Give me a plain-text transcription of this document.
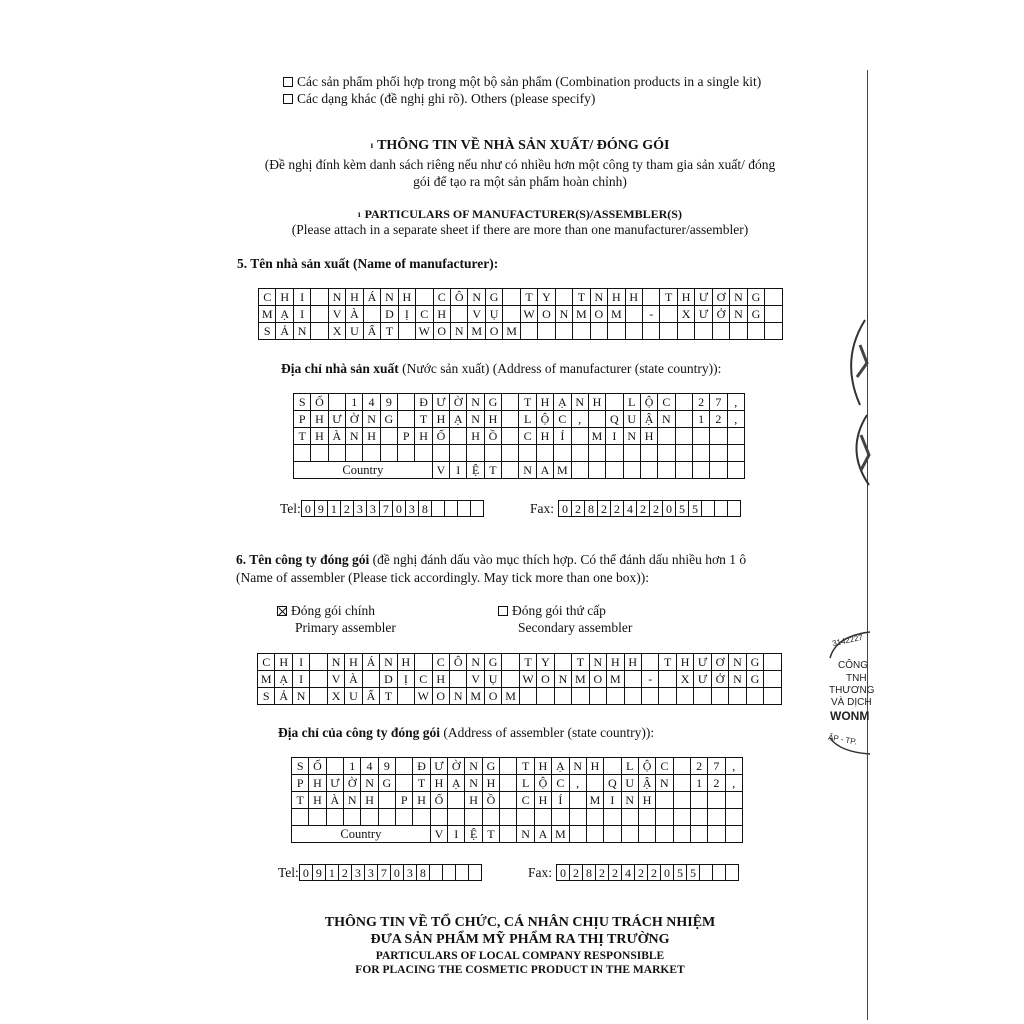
Các sản phẩm phối hợp trong một bộ sản phẩm (Combination products in a single kit)
Các dạng khác (đề nghị ghi rõ). Others (please specify)
ı THÔNG TIN VỀ NHÀ SẢN XUẤT/ ĐÓNG GÓI
(Đề nghị đính kèm danh sách riêng nếu như có nhiều hơn một công ty tham gia sản xuất/ đóng
gói để tạo ra một sản phẩm hoàn chỉnh)
ı PARTICULARS OF MANUFACTURER(S)/ASSEMBLER(S)
(Please attach in a separate sheet if there are more than one manufacturer/assembler)
5. Tên nhà sản xuất (Name of manufacturer):
C	H	I		N	H	Á	N	H		C	Ô	N	G		T	Y		T	N	H	H		T	H	Ư	Ơ	N	G	
M	Ạ	I		V	À		D	Ị	C	H		V	Ụ		W	O	N	M	O	M		-		X	Ư	Ở	N	G	
S	Ả	N		X	U	Ấ	T		W	O	N	M	O	M															
Địa chỉ nhà sản xuất (Nước sản xuất) (Address of manufacturer (state country)):
S	Ố		1	4	9		Đ	Ư	Ờ	N	G		T	H	Ạ	N	H		L	Ộ	C		2	7	,
P	H	Ư	Ờ	N	G		T	H	Ạ	N	H		L	Ộ	C	,		Q	U	Ậ	N		1	2	,
T	H	À	N	H		P	H	Ố		H	Ồ		C	H	Í		M	I	N	H					

Country								V	I	Ệ	T		N	A	M										
Tel: 0	9	1	2	3	3	7	0	3	8					Fax: 0	2	8	2	2	4	2	2	0	5	5			
6. Tên công ty đóng gói (đề nghị đánh dấu vào mục thích hợp. Có thể đánh dấu nhiều hơn 1 ô
(Name of assembler (Please tick accordingly. May tick more than one box)):
Đóng gói chính
Primary assembler
Đóng gói thứ cấp
Secondary assembler
C	H	I		N	H	Á	N	H		C	Ô	N	G		T	Y		T	N	H	H		T	H	Ư	Ơ	N	G	
M	Ạ	I		V	À		D	Ị	C	H		V	Ụ		W	O	N	M	O	M		-		X	Ư	Ở	N	G	
S	Ả	N		X	U	Ấ	T		W	O	N	M	O	M															
Địa chỉ của công ty đóng gói (Address of assembler (state country)):
S	Ố		1	4	9		Đ	Ư	Ờ	N	G		T	H	Ạ	N	H		L	Ộ	C		2	7	,
P	H	Ư	Ờ	N	G		T	H	Ạ	N	H		L	Ộ	C	,		Q	U	Ậ	N		1	2	,
T	H	À	N	H		P	H	Ố		H	Ồ		C	H	Í		M	I	N	H					

Country								V	I	Ệ	T		N	A	M										
Tel: 0	9	1	2	3	3	7	0	3	8					Fax: 0	2	8	2	2	4	2	2	0	5	5			
THÔNG TIN VỀ TỔ CHỨC, CÁ NHÂN CHỊU TRÁCH NHIỆM
ĐƯA SẢN PHẨM MỸ PHẨM RA THỊ TRƯỜNG
PARTICULARS OF LOCAL COMPANY RESPONSIBLE
FOR PLACING THE COSMETIC PRODUCT IN THE MARKET
3142227
CÔNG
TNH
THƯƠNG
VÀ DỊCH
WONM
ẬP - TP.
